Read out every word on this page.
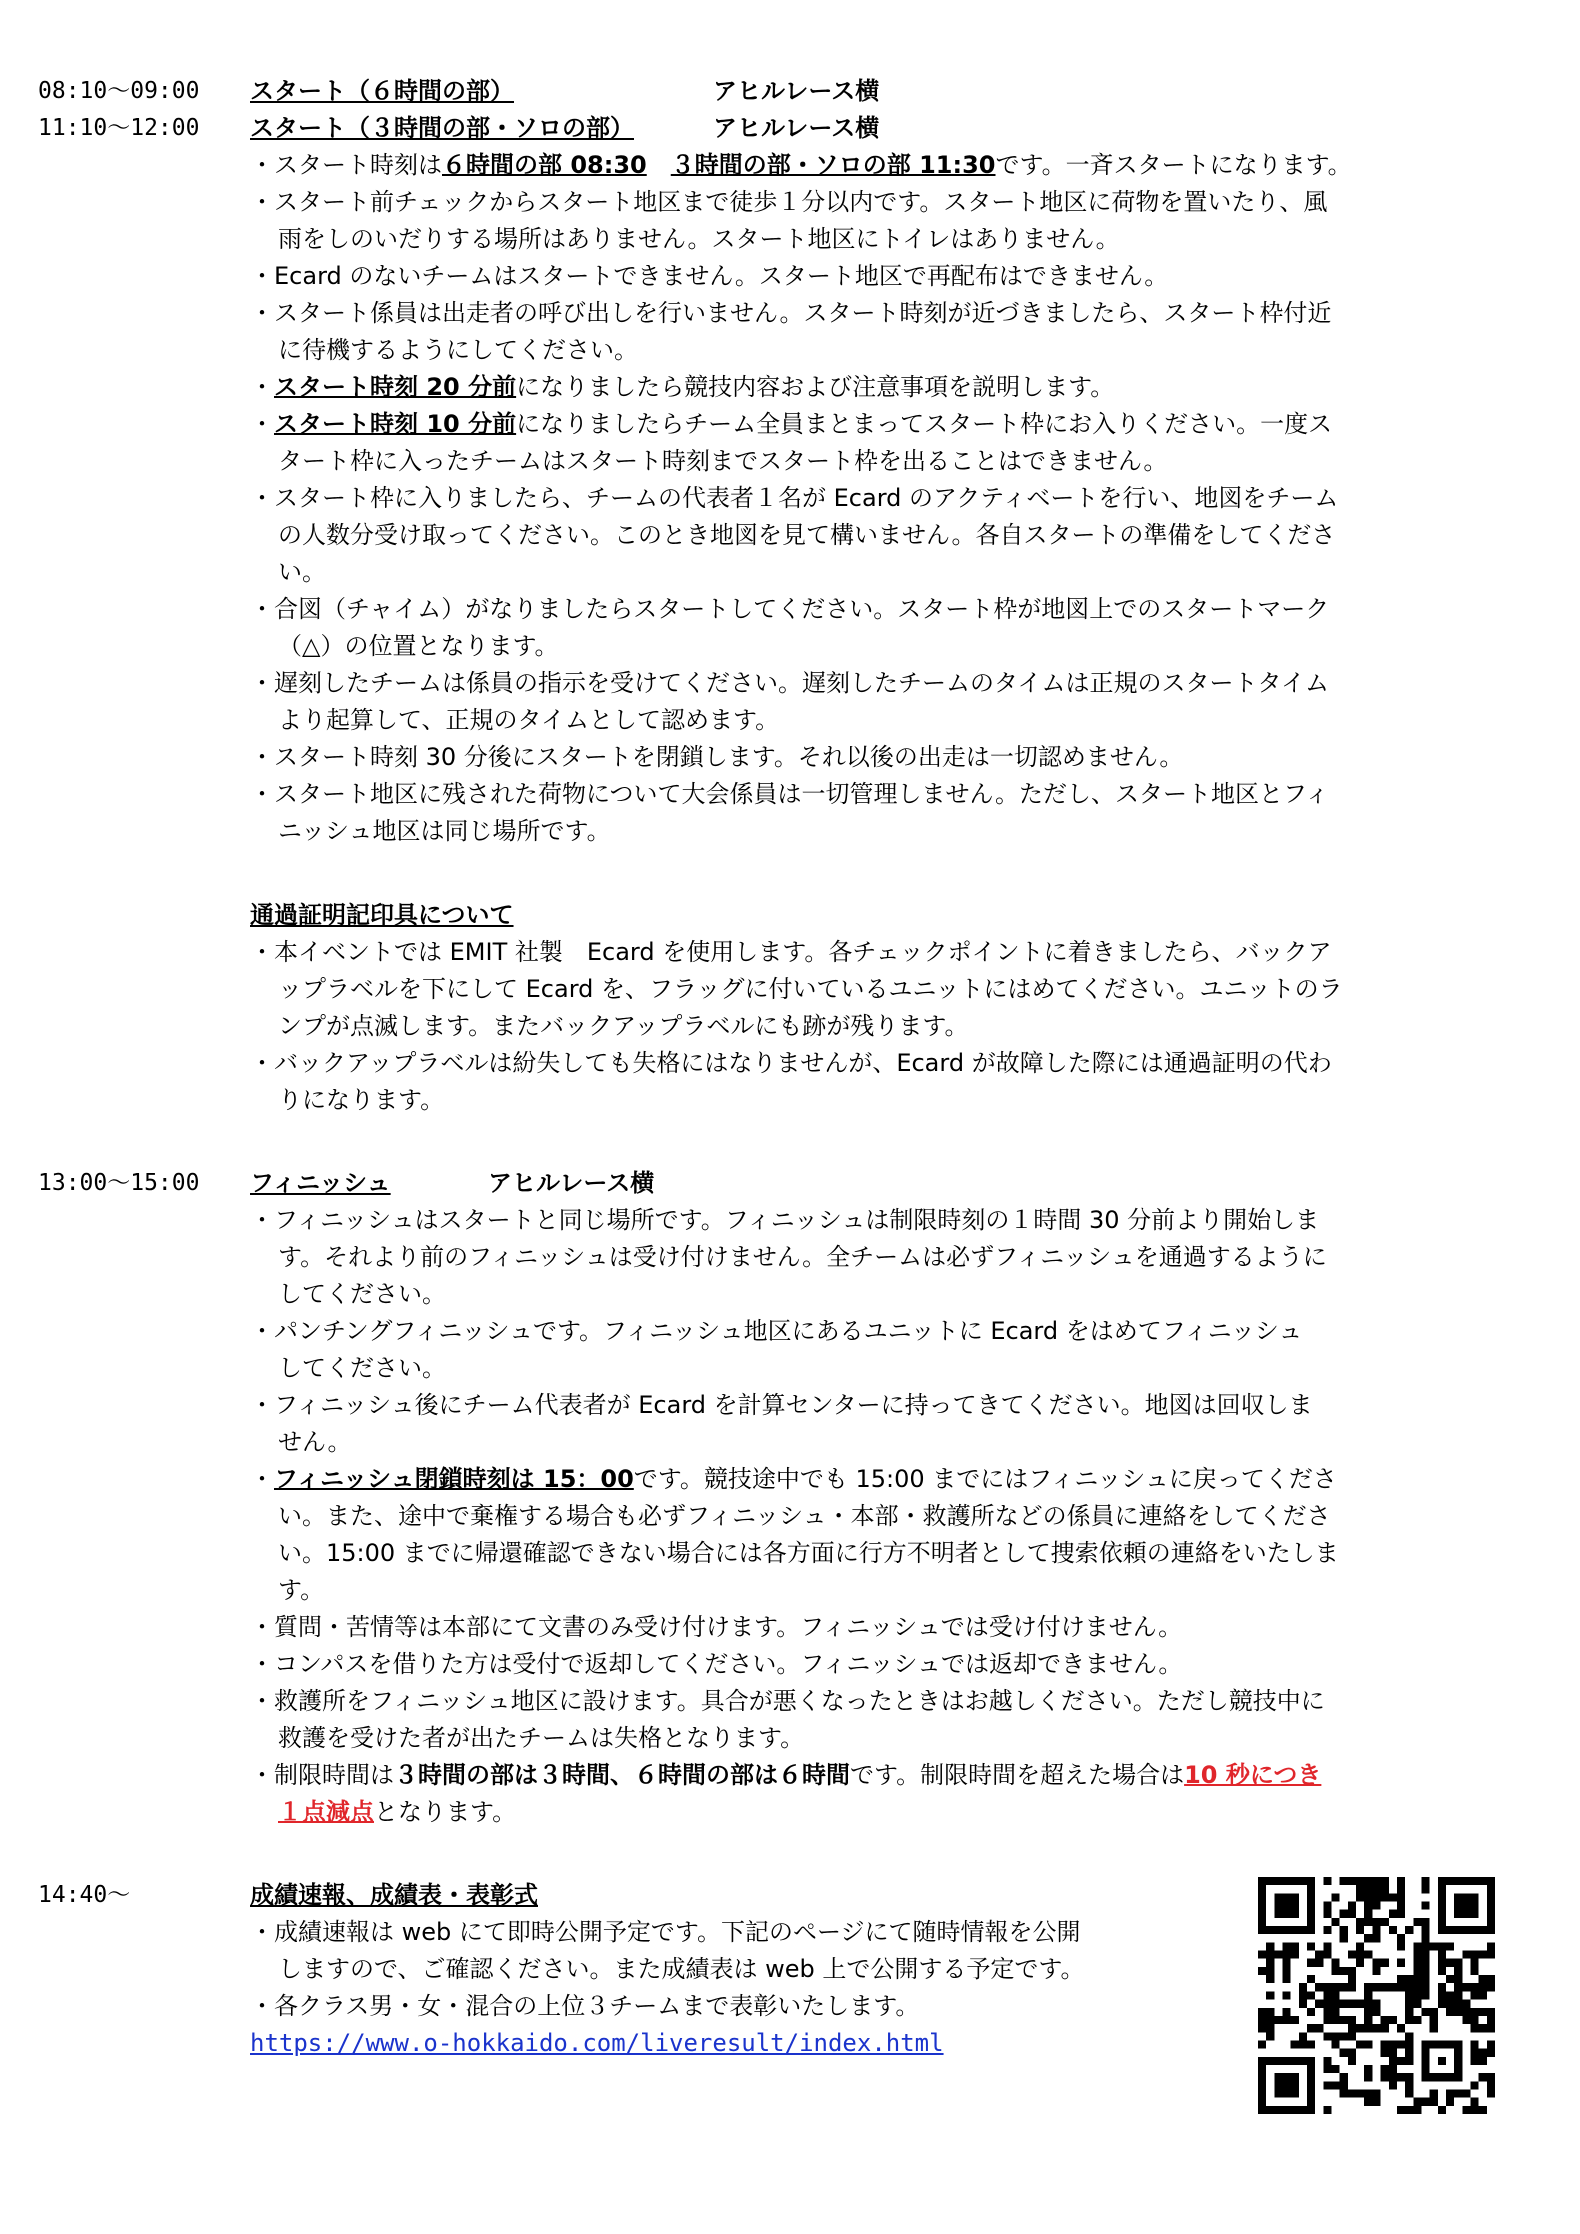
08:10～09:00 スタート（６時間の部）	アヒルレース横
11:10～12:00 スタート（３時間の部・ソロの部）	アヒルレース横
・スタート時刻は６時間の部 08:30　 ３時間の部・ソロの部 11:30です。一斉スタートになります。
・スタート前チェックからスタート地区まで徒歩１分以内です。スタート地区に荷物を置いたり、風
雨をしのいだりする場所はありません。スタート地区にトイレはありません。
・Ecard のないチームはスタートできません。スタート地区で再配布はできません。
・スタート係員は出走者の呼び出しを行いません。スタート時刻が近づきましたら、スタート枠付近
に待機するようにしてください。
・スタート時刻 20 分前になりましたら競技内容および注意事項を説明します。
・スタート時刻 10 分前になりましたらチーム全員まとまってスタート枠にお入りください。一度ス
タート枠に入ったチームはスタート時刻までスタート枠を出ることはできません。
・スタート枠に入りましたら、チームの代表者１名が Ecard のアクティベートを行い、地図をチーム
の人数分受け取ってください。このとき地図を見て構いません。各自スタートの準備をしてくださ
い。
・合図（チャイム）がなりましたらスタートしてください。スタート枠が地図上でのスタートマーク
（△）の位置となります。
・遅刻したチームは係員の指示を受けてください。遅刻したチームのタイムは正規のスタートタイム
より起算して、正規のタイムとして認めます。
・スタート時刻 30 分後にスタートを閉鎖します。それ以後の出走は一切認めません。
・スタート地区に残された荷物について大会係員は一切管理しません。ただし、スタート地区とフィ
ニッシュ地区は同じ場所です。
通過証明記印具について
・本イベントでは EMIT 社製　Ecard を使用します。各チェックポイントに着きましたら、バックア
ップラベルを下にして Ecard を、フラッグに付いているユニットにはめてください。ユニットのラ
ンプが点滅します。またバックアップラベルにも跡が残ります。
・バックアップラベルは紛失しても失格にはなりませんが、Ecard が故障した際には通過証明の代わ
りになります。
13:00～15:00 フィニッシュ	アヒルレース横
・フィニッシュはスタートと同じ場所です。フィニッシュは制限時刻の１時間 30 分前より開始しま
す。それより前のフィニッシュは受け付けません。全チームは必ずフィニッシュを通過するように
してください。
・パンチングフィニッシュです。フィニッシュ地区にあるユニットに Ecard をはめてフィニッシュ
してください。
・フィニッシュ後にチーム代表者が Ecard を計算センターに持ってきてください。地図は回収しま
せん。
・フィニッシュ閉鎖時刻は 15：00です。競技途中でも 15:00 までにはフィニッシュに戻ってくださ
い。また、途中で棄権する場合も必ずフィニッシュ・本部・救護所などの係員に連絡をしてくださ
い。15:00 までに帰還確認できない場合には各方面に行方不明者として捜索依頼の連絡をいたしま
す。
・質問・苦情等は本部にて文書のみ受け付けます。フィニッシュでは受け付けません。
・コンパスを借りた方は受付で返却してください。フィニッシュでは返却できません。
・救護所をフィニッシュ地区に設けます。具合が悪くなったときはお越しください。ただし競技中に
救護を受けた者が出たチームは失格となります。
・制限時間は３時間の部は３時間、６時間の部は６時間です。制限時間を超えた場合は10 秒につき
１点減点となります。
14:40～	成績速報、成績表・表彰式
・成績速報は web にて即時公開予定です。下記のページにて随時情報を公開
しますので、ご確認ください。また成績表は web 上で公開する予定です。
・各クラス男・女・混合の上位３チームまで表彰いたします。
https://www.o-hokkaido.com/liveresult/index.html
